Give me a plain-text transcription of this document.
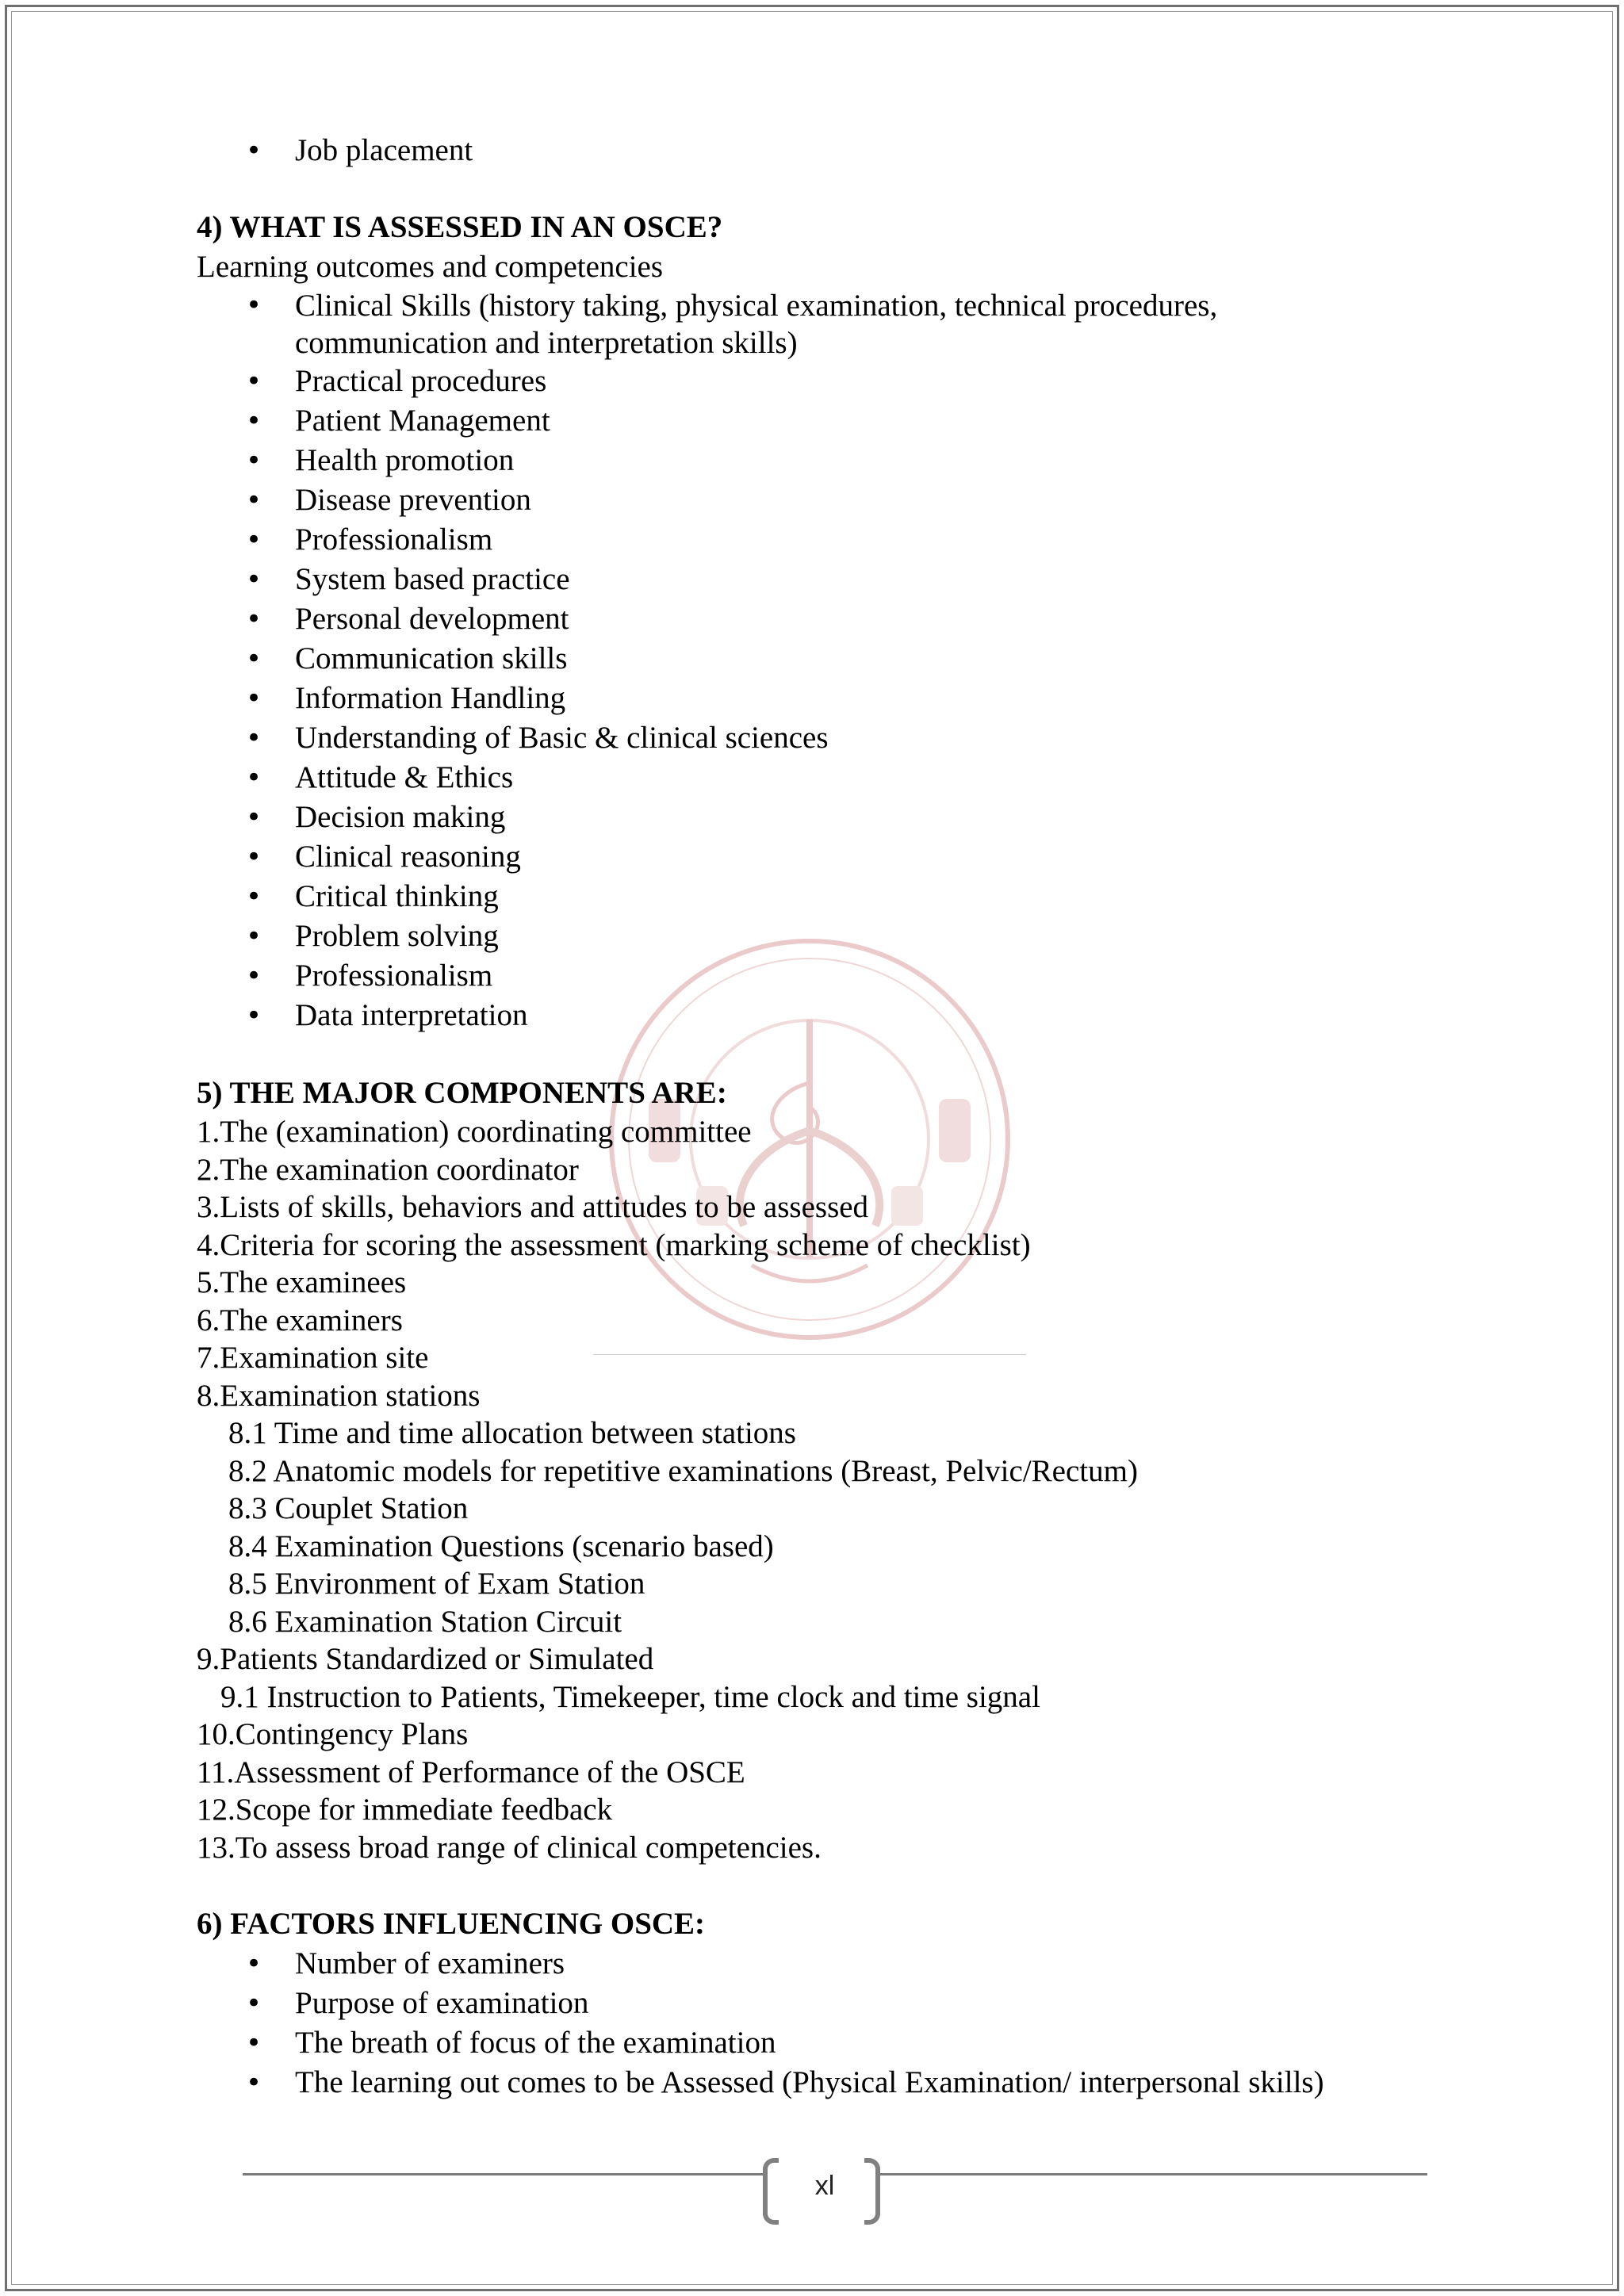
• Job placement
4) WHAT IS ASSESSED IN AN OSCE?
Learning outcomes and competencies
• Clinical Skills (history taking, physical examination, technical procedures,
communication and interpretation skills)
• Practical procedures
• Patient Management
• Health promotion
• Disease prevention
• Professionalism
• System based practice
• Personal development
• Communication skills
• Information Handling
• Understanding of Basic & clinical sciences
• Attitude & Ethics
• Decision making
• Clinical reasoning
• Critical thinking
• Problem solving
• Professionalism
• Data interpretation
5) THE MAJOR COMPONENTS ARE:
1.The (examination) coordinating committee
2.The examination coordinator
3.Lists of skills, behaviors and attitudes to be assessed
4.Criteria for scoring the assessment (marking scheme of checklist)
5.The examinees
6.The examiners
7.Examination site
8.Examination stations
8.1 Time and time allocation between stations
8.2 Anatomic models for repetitive examinations (Breast, Pelvic/Rectum)
8.3 Couplet Station
8.4 Examination Questions (scenario based)
8.5 Environment of Exam Station
8.6 Examination Station Circuit
9.Patients Standardized or Simulated
9.1 Instruction to Patients, Timekeeper, time clock and time signal
10.Contingency Plans
11.Assessment of Performance of the OSCE
12.Scope for immediate feedback
13.To assess broad range of clinical competencies.
6) FACTORS INFLUENCING OSCE:
• Number of examiners
• Purpose of examination
• The breath of focus of the examination
• The learning out comes to be Assessed (Physical Examination/ interpersonal skills)
xl
